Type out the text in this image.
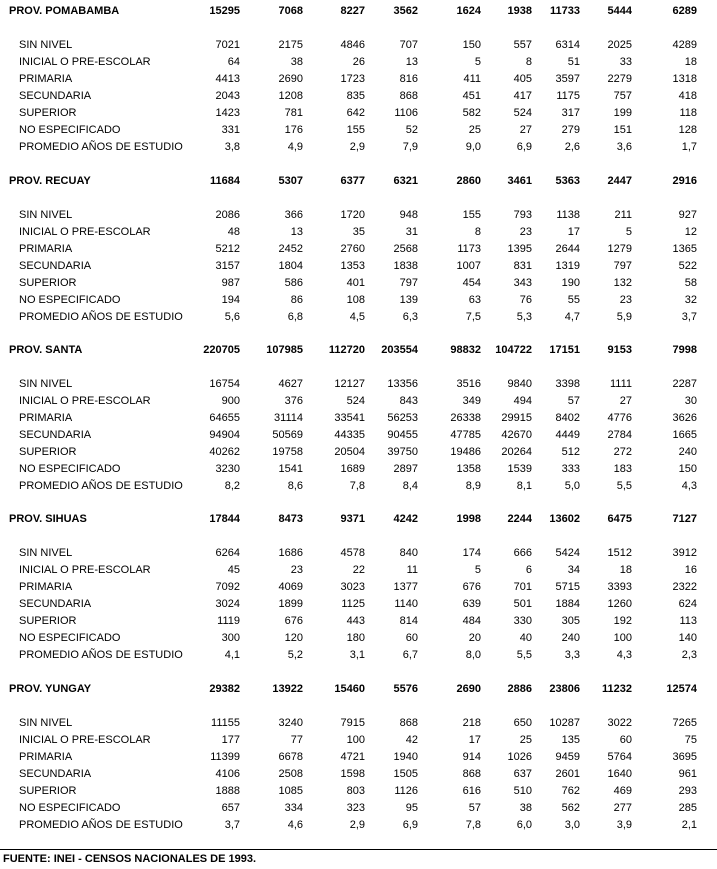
PROV. POMABAMBA	15295	7068	8227	3562	1624	1938	11733	5444	6289
SIN NIVEL	7021	2175	4846	707	150	557	6314	2025	4289
INICIAL O PRE-ESCOLAR	64	38	26	13	5	8	51	33	18
PRIMARIA	4413	2690	1723	816	411	405	3597	2279	1318
SECUNDARIA	2043	1208	835	868	451	417	1175	757	418
SUPERIOR	1423	781	642	1106	582	524	317	199	118
NO ESPECIFICADO	331	176	155	52	25	27	279	151	128
PROMEDIO AÑOS DE ESTUDIO	3,8	4,9	2,9	7,9	9,0	6,9	2,6	3,6	1,7
PROV. RECUAY	11684	5307	6377	6321	2860	3461	5363	2447	2916
SIN NIVEL	2086	366	1720	948	155	793	1138	211	927
INICIAL O PRE-ESCOLAR	48	13	35	31	8	23	17	5	12
PRIMARIA	5212	2452	2760	2568	1173	1395	2644	1279	1365
SECUNDARIA	3157	1804	1353	1838	1007	831	1319	797	522
SUPERIOR	987	586	401	797	454	343	190	132	58
NO ESPECIFICADO	194	86	108	139	63	76	55	23	32
PROMEDIO AÑOS DE ESTUDIO	5,6	6,8	4,5	6,3	7,5	5,3	4,7	5,9	3,7
PROV. SANTA	220705	107985	112720	203554	98832	104722	17151	9153	7998
SIN NIVEL	16754	4627	12127	13356	3516	9840	3398	1111	2287
INICIAL O PRE-ESCOLAR	900	376	524	843	349	494	57	27	30
PRIMARIA	64655	31114	33541	56253	26338	29915	8402	4776	3626
SECUNDARIA	94904	50569	44335	90455	47785	42670	4449	2784	1665
SUPERIOR	40262	19758	20504	39750	19486	20264	512	272	240
NO ESPECIFICADO	3230	1541	1689	2897	1358	1539	333	183	150
PROMEDIO AÑOS DE ESTUDIO	8,2	8,6	7,8	8,4	8,9	8,1	5,0	5,5	4,3
PROV. SIHUAS	17844	8473	9371	4242	1998	2244	13602	6475	7127
SIN NIVEL	6264	1686	4578	840	174	666	5424	1512	3912
INICIAL O PRE-ESCOLAR	45	23	22	11	5	6	34	18	16
PRIMARIA	7092	4069	3023	1377	676	701	5715	3393	2322
SECUNDARIA	3024	1899	1125	1140	639	501	1884	1260	624
SUPERIOR	1119	676	443	814	484	330	305	192	113
NO ESPECIFICADO	300	120	180	60	20	40	240	100	140
PROMEDIO AÑOS DE ESTUDIO	4,1	5,2	3,1	6,7	8,0	5,5	3,3	4,3	2,3
PROV. YUNGAY	29382	13922	15460	5576	2690	2886	23806	11232	12574
SIN NIVEL	11155	3240	7915	868	218	650	10287	3022	7265
INICIAL O PRE-ESCOLAR	177	77	100	42	17	25	135	60	75
PRIMARIA	11399	6678	4721	1940	914	1026	9459	5764	3695
SECUNDARIA	4106	2508	1598	1505	868	637	2601	1640	961
SUPERIOR	1888	1085	803	1126	616	510	762	469	293
NO ESPECIFICADO	657	334	323	95	57	38	562	277	285
PROMEDIO AÑOS DE ESTUDIO	3,7	4,6	2,9	6,9	7,8	6,0	3,0	3,9	2,1
FUENTE: INEI - CENSOS NACIONALES DE 1993.
